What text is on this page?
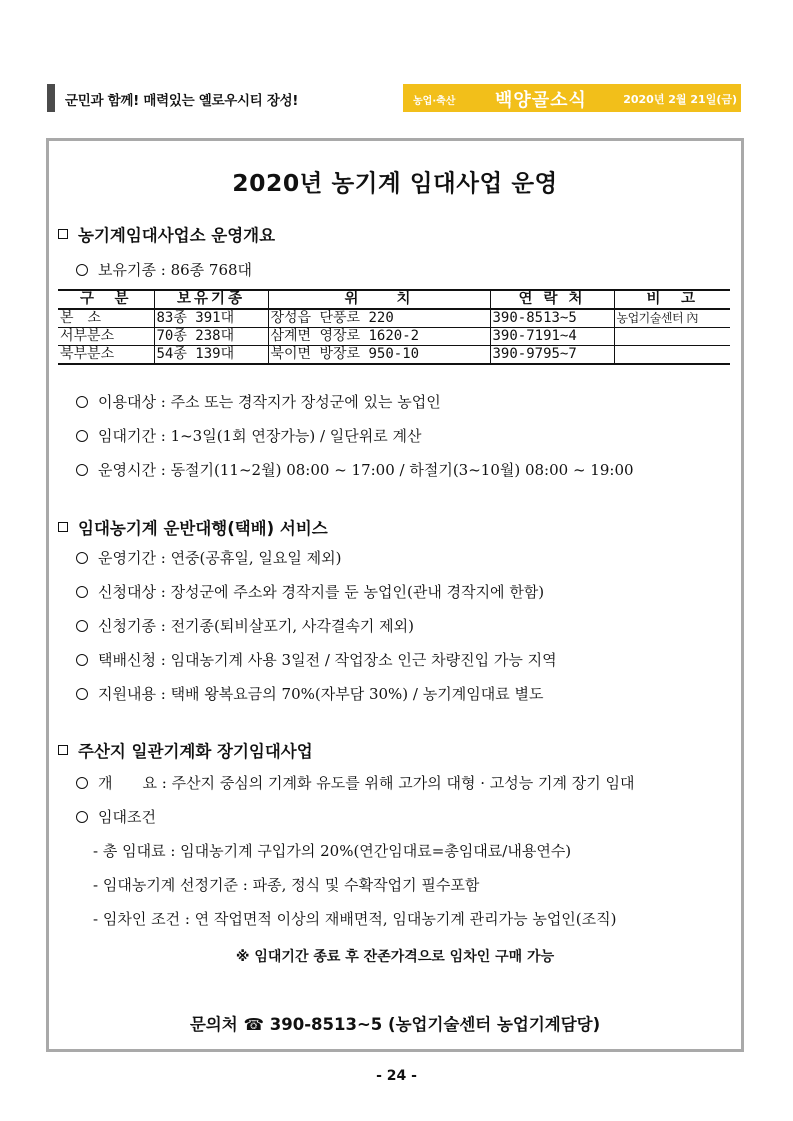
군민과 함께! 매력있는 옐로우시티 장성!	농업·축산 백양골소식	2020년 2월 21일(금)
2020년 농기계 임대사업 운영
농기계임대사업소 운영개요
보유기종 : 86종 768대
구　분	보유기종	위　　치	연 락 처	비　고
본　소	83종 391대	장성읍 단풍로 220	390-8513~5	농업기술센터 內
서부분소	70종 238대	삼계면 영장로 1620-2	390-7191~4	
북부분소	54종 139대	북이면 방장로 950-10	390-9795~7	
이용대상 : 주소 또는 경작지가 장성군에 있는 농업인
임대기간 : 1~3일(1회 연장가능) / 일단위로 계산
운영시간 : 동절기(11~2월) 08:00 ~ 17:00 / 하절기(3~10월) 08:00 ~ 19:00
임대농기계 운반대행(택배) 서비스
운영기간 : 연중(공휴일, 일요일 제외)
신청대상 : 장성군에 주소와 경작지를 둔 농업인(관내 경작지에 한함)
신청기종 : 전기종(퇴비살포기, 사각결속기 제외)
택배신청 : 임대농기계 사용 3일전 / 작업장소 인근 차량진입 가능 지역
지원내용 : 택배 왕복요금의 70%(자부담 30%) / 농기계임대료 별도
주산지 일관기계화 장기임대사업
개　　요 : 주산지 중심의 기계화 유도를 위해 고가의 대형 · 고성능 기계 장기 임대
임대조건
- 총 임대료 : 임대농기계 구입가의 20%(연간임대료=총임대료/내용연수)
- 임대농기계 선정기준 : 파종, 정식 및 수확작업기 필수포함
- 임차인 조건 : 연 작업면적 이상의 재배면적, 임대농기계 관리가능 농업인(조직)
※ 임대기간 종료 후 잔존가격으로 임차인 구매 가능
문의처 ☎ 390-8513~5 (농업기술센터 농업기계담당)
- 24 -
